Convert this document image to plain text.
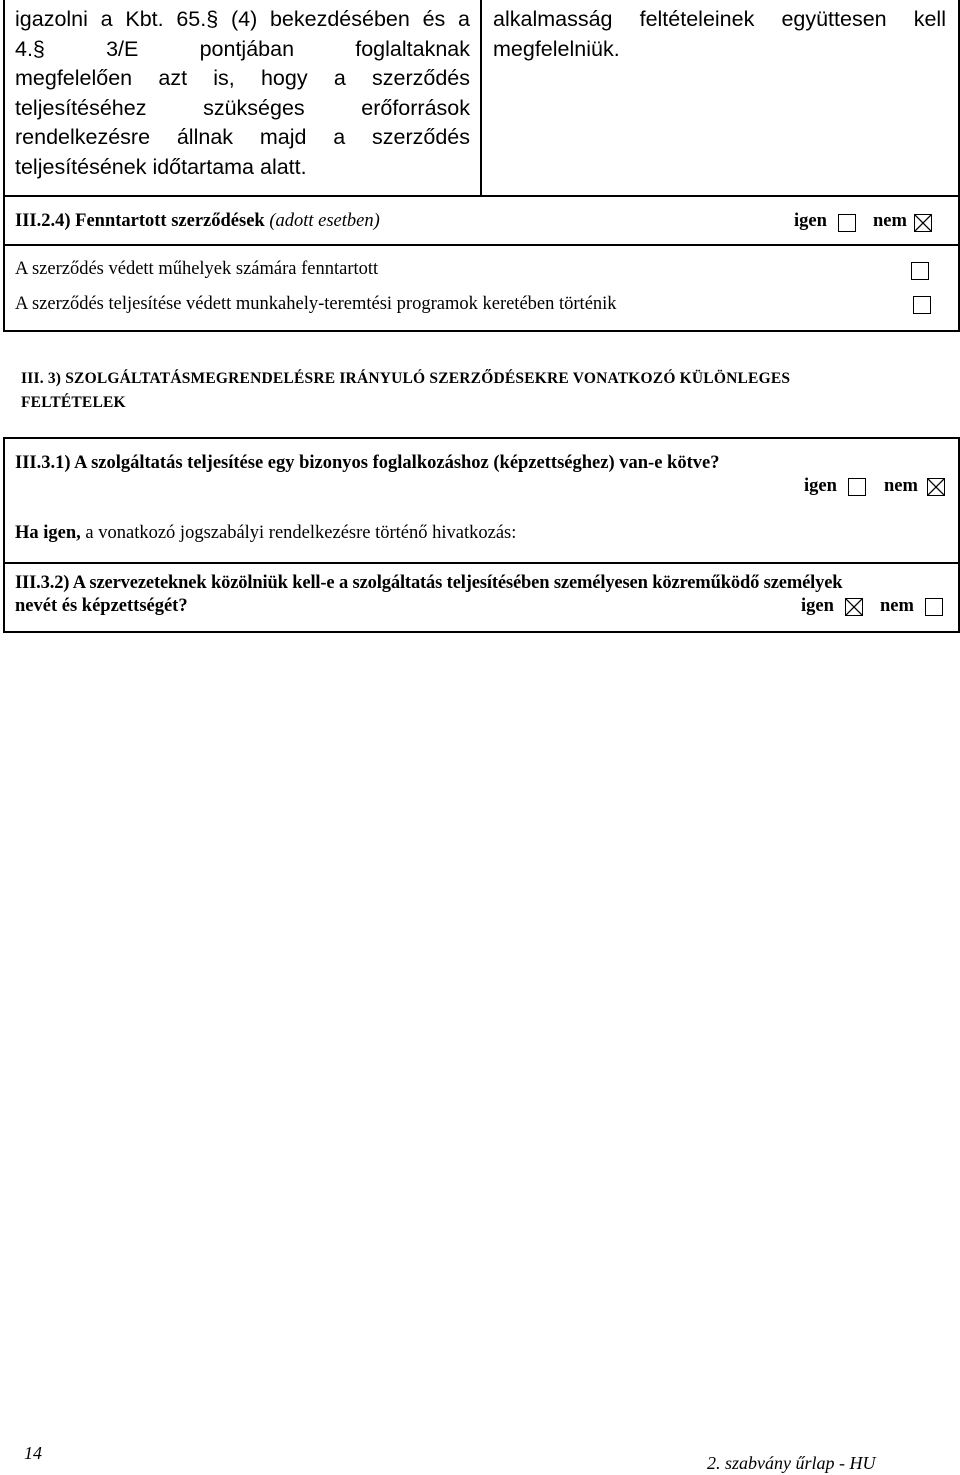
igazolni a Kbt. 65.§ (4) bekezdésében és a
4.§ 3/E pontjában foglaltaknak
megfelelően azt is, hogy a szerződés
teljesítéséhez szükséges erőforrások
rendelkezésre állnak majd a szerződés
teljesítésének időtartama alatt.
alkalmasság feltételeinek együttesen kell
megfelelniük.
III.2.4) Fenntartott szerződések (adott esetben)	igen nem
A szerződés védett műhelyek számára fenntartott
A szerződés teljesítése védett munkahely-teremtési programok keretében történik
III. 3) SZOLGÁLTATÁSMEGRENDELÉSRE IRÁNYULÓ SZERZŐDÉSEKRE VONATKOZÓ KÜLÖNLEGES
FELTÉTELEK
III.3.1) A szolgáltatás teljesítése egy bizonyos foglalkozáshoz (képzettséghez) van-e kötve?
igen	nem
Ha igen, a vonatkozó jogszabályi rendelkezésre történő hivatkozás:
III.3.2) A szervezeteknek közölniük kell-e a szolgáltatás teljesítésében személyesen közreműködő személyek
nevét és képzettségét?	igen nem
14	2. szabvány űrlap - HU
